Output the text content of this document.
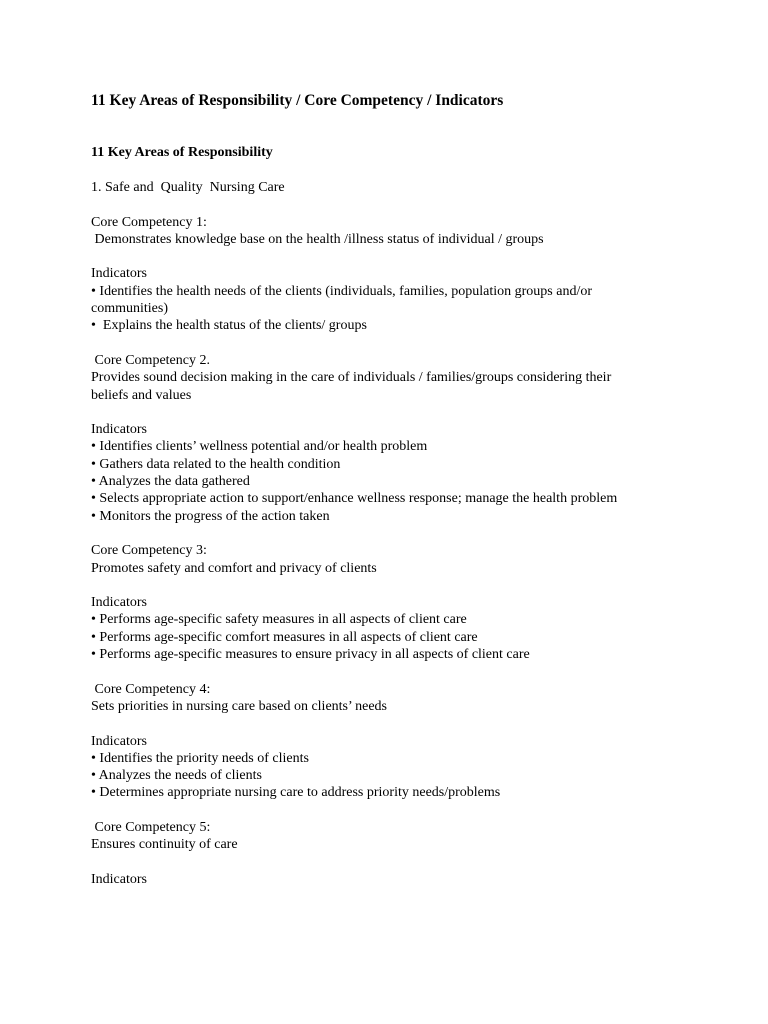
11 Key Areas of Responsibility / Core Competency / Indicators
11 Key Areas of Responsibility
1. Safe and  Quality  Nursing Care
Core Competency 1:
Demonstrates knowledge base on the health /illness status of individual / groups
Indicators
• Identifies the health needs of the clients (individuals, families, population groups and/or
communities)
•  Explains the health status of the clients/ groups
Core Competency 2.
Provides sound decision making in the care of individuals / families/groups considering their
beliefs and values
Indicators
• Identifies clients’ wellness potential and/or health problem
• Gathers data related to the health condition
• Analyzes the data gathered
• Selects appropriate action to support/enhance wellness response; manage the health problem
• Monitors the progress of the action taken
Core Competency 3:
Promotes safety and comfort and privacy of clients
Indicators
• Performs age-specific safety measures in all aspects of client care
• Performs age-specific comfort measures in all aspects of client care
• Performs age-specific measures to ensure privacy in all aspects of client care
Core Competency 4:
Sets priorities in nursing care based on clients’ needs
Indicators
• Identifies the priority needs of clients
• Analyzes the needs of clients
• Determines appropriate nursing care to address priority needs/problems
Core Competency 5:
Ensures continuity of care
Indicators
